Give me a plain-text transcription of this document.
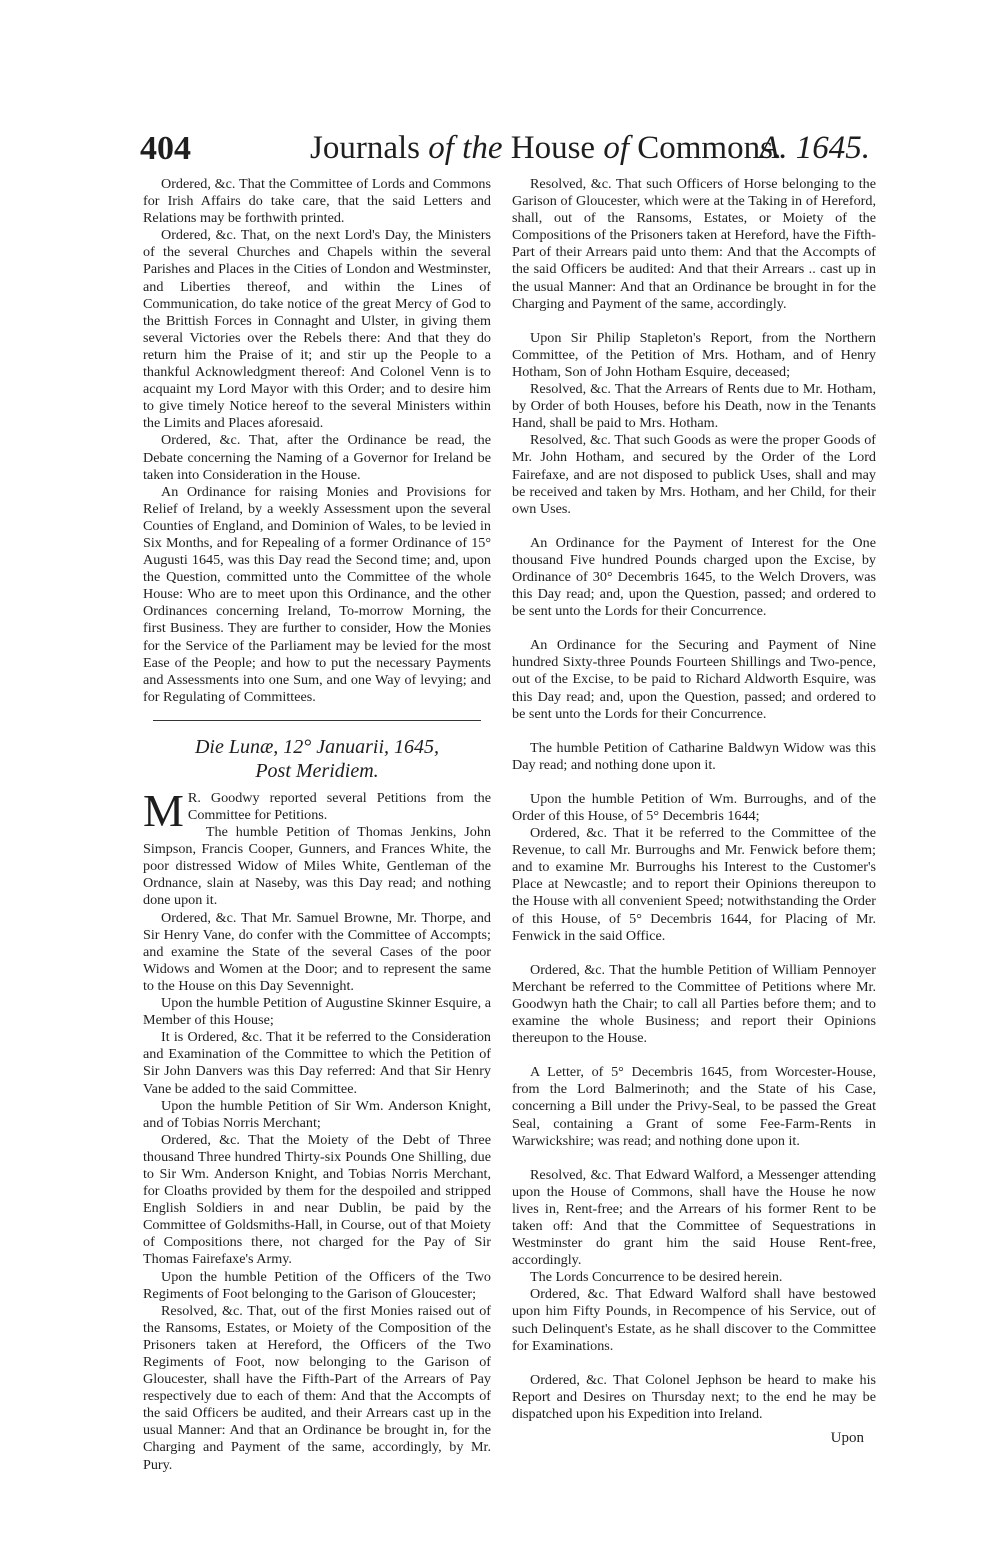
404	Journals of the House of Commons.
A. 1645.

Ordered, &c. That the Committee of Lords and Commons for Irish Affairs do take care, that the said Letters and Relations may be forthwith printed.

Ordered, &c. That, on the next Lord's Day, the Ministers of the several Churches and Chapels within the several Parishes and Places in the Cities of London and Westminster, and Liberties thereof, and within the Lines of Communication, do take notice of the great Mercy of God to the Brittish Forces in Connaght and Ulster, in giving them several Victories over the Rebels there: And that they do return him the Praise of it; and stir up the People to a thankful Acknowledgment thereof: And Colonel Venn is to acquaint my Lord Mayor with this Order; and to desire him to give timely Notice hereof to the several Ministers within the Limits and Places aforesaid.

Ordered, &c. That, after the Ordinance be read, the Debate concerning the Naming of a Governor for Ireland be taken into Consideration in the House.

An Ordinance for raising Monies and Provisions for Relief of Ireland, by a weekly Assessment upon the several Counties of England, and Dominion of Wales, to be levied in Six Months, and for Repealing of a former Ordinance of 15° Augusti 1645, was this Day read the Second time; and, upon the Question, committed unto the Committee of the whole House: Who are to meet upon this Ordinance, and the other Ordinances concerning Ireland, To-morrow Morning, the first Business. They are further to consider, How the Monies for the Service of the Parliament may be levied for the most Ease of the People; and how to put the necessary Payments and Assessments into one Sum, and one Way of levying; and for Regulating of Committees.

Die Lunæ, 12° Januarii, 1645,
Post Meridiem.

M R. Goodwy reported several Petitions from the Committee for Petitions.

The humble Petition of Thomas Jenkins, John Simpson, Francis Cooper, Gunners, and Frances White, the poor distressed Widow of Miles White, Gentleman of the Ordnance, slain at Naseby, was this Day read; and nothing done upon it.

Ordered, &c. That Mr. Samuel Browne, Mr. Thorpe, and Sir Henry Vane, do confer with the Committee of Accompts; and examine the State of the several Cases of the poor Widows and Women at the Door; and to represent the same to the House on this Day Sevennight.

Upon the humble Petition of Augustine Skinner Esquire, a Member of this House;

It is Ordered, &c. That it be referred to the Consideration and Examination of the Committee to which the Petition of Sir John Danvers was this Day referred: And that Sir Henry Vane be added to the said Committee.

Upon the humble Petition of Sir Wm. Anderson Knight, and of Tobias Norris Merchant;

Ordered, &c. That the Moiety of the Debt of Three thousand Three hundred Thirty-six Pounds One Shilling, due to Sir Wm. Anderson Knight, and Tobias Norris Merchant, for Cloaths provided by them for the despoiled and stripped English Soldiers in and near Dublin, be paid by the Committee of Goldsmiths-Hall, in Course, out of that Moiety of Compositions there, not charged for the Pay of Sir Thomas Fairefaxe's Army.

Upon the humble Petition of the Officers of the Two Regiments of Foot belonging to the Garison of Gloucester;

Resolved, &c. That, out of the first Monies raised out of the Ransoms, Estates, or Moiety of the Composition of the Prisoners taken at Hereford, the Officers of the Two Regiments of Foot, now belonging to the Garison of Gloucester, shall have the Fifth-Part of the Arrears of Pay respectively due to each of them: And that the Accompts of the said Officers be audited, and their Arrears cast up in the usual Manner: And that an Ordinance be brought in, for the Charging and Payment of the same, accordingly, by Mr. Pury.

Resolved, &c. That such Officers of Horse belonging to the Garison of Gloucester, which were at the Taking in of Hereford, shall, out of the Ransoms, Estates, or Moiety of the Compositions of the Prisoners taken at Hereford, have the Fifth-Part of their Arrears paid unto them: And that the Accompts of the said Officers be audited: And that their Arrears .. cast up in the usual Manner: And that an Ordinance be brought in for the Charging and Payment of the same, accordingly.

Upon Sir Philip Stapleton's Report, from the Northern Committee, of the Petition of Mrs. Hotham, and of Henry Hotham, Son of John Hotham Esquire, deceased;

Resolved, &c. That the Arrears of Rents due to Mr. Hotham, by Order of both Houses, before his Death, now in the Tenants Hand, shall be paid to Mrs. Hotham.

Resolved, &c. That such Goods as were the proper Goods of Mr. John Hotham, and secured by the Order of the Lord Fairefaxe, and are not disposed to publick Uses, shall and may be received and taken by Mrs. Hotham, and her Child, for their own Uses.

An Ordinance for the Payment of Interest for the One thousand Five hundred Pounds charged upon the Excise, by Ordinance of 30° Decembris 1645, to the Welch Drovers, was this Day read; and, upon the Question, passed; and ordered to be sent unto the Lords for their Concurrence.

An Ordinance for the Securing and Payment of Nine hundred Sixty-three Pounds Fourteen Shillings and Two-pence, out of the Excise, to be paid to Richard Aldworth Esquire, was this Day read; and, upon the Question, passed; and ordered to be sent unto the Lords for their Concurrence.

The humble Petition of Catharine Baldwyn Widow was this Day read; and nothing done upon it.

Upon the humble Petition of Wm. Burroughs, and of the Order of this House, of 5° Decembris 1644;

Ordered, &c. That it be referred to the Committee of the Revenue, to call Mr. Burroughs and Mr. Fenwick before them; and to examine Mr. Burroughs his Interest to the Customer's Place at Newcastle; and to report their Opinions thereupon to the House with all convenient Speed; notwithstanding the Order of this House, of 5° Decembris 1644, for Placing of Mr. Fenwick in the said Office.

Ordered, &c. That the humble Petition of William Pennoyer Merchant be referred to the Committee of Petitions where Mr. Goodwyn hath the Chair; to call all Parties before them; and to examine the whole Business; and report their Opinions thereupon to the House.

A Letter, of 5° Decembris 1645, from Worcester-House, from the Lord Balmerinoth; and the State of his Case, concerning a Bill under the Privy-Seal, to be passed the Great Seal, containing a Grant of some Fee-Farm-Rents in Warwickshire; was read; and nothing done upon it.

Resolved, &c. That Edward Walford, a Messenger attending upon the House of Commons, shall have the House he now lives in, Rent-free; and the Arrears of his former Rent to be taken off: And that the Committee of Sequestrations in Westminster do grant him the said House Rent-free, accordingly.

The Lords Concurrence to be desired herein.

Ordered, &c. That Edward Walford shall have bestowed upon him Fifty Pounds, in Recompence of his Service, out of such Delinquent's Estate, as he shall discover to the Committee for Examinations.

Ordered, &c. That Colonel Jephson be heard to make his Report and Desires on Thursday next; to the end he may be dispatched upon his Expedition into Ireland.

Upon
